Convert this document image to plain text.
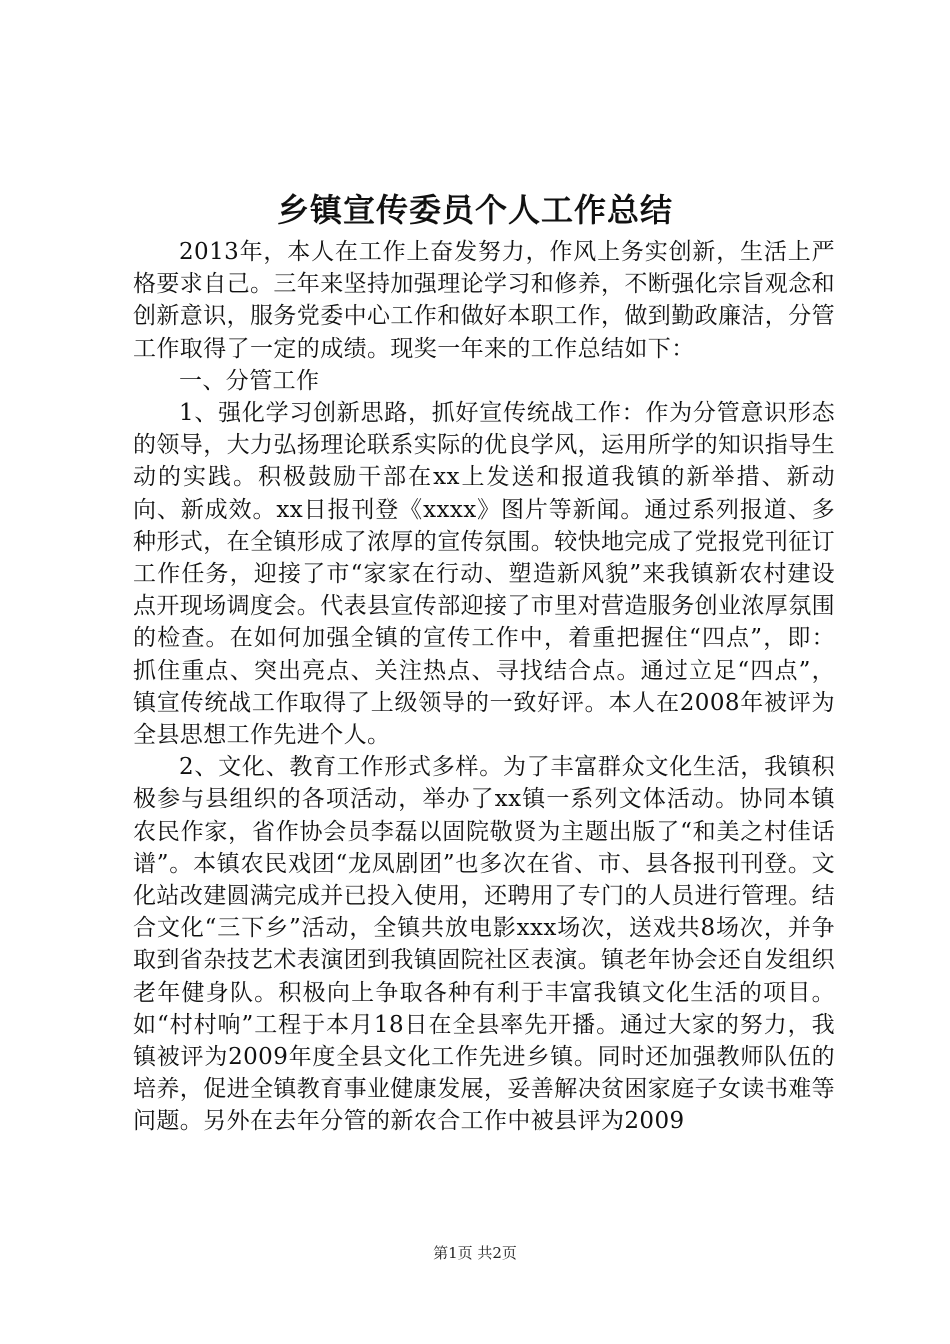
乡镇宣传委员个人工作总结

2013年，本人在工作上奋发努力，作风上务实创新，生活上严格要求自己。三年来坚持加强理论学习和修养，不断强化宗旨观念和创新意识，服务党委中心工作和做好本职工作，做到勤政廉洁，分管工作取得了一定的成绩。现奖一年来的工作总结如下：

一、分管工作

1、强化学习创新思路，抓好宣传统战工作：作为分管意识形态的领导，大力弘扬理论联系实际的优良学风，运用所学的知识指导生动的实践。积极鼓励干部在xx上发送和报道我镇的新举措、新动向、新成效。xx日报刊登《xxxx》图片等新闻。通过系列报道、多种形式，在全镇形成了浓厚的宣传氛围。较快地完成了党报党刊征订工作任务，迎接了市“家家在行动、塑造新风貌”来我镇新农村建设点开现场调度会。代表县宣传部迎接了市里对营造服务创业浓厚氛围的检查。在如何加强全镇的宣传工作中，着重把握住“四点”，即：抓住重点、突出亮点、关注热点、寻找结合点。通过立足“四点”，镇宣传统战工作取得了上级领导的一致好评。本人在2008年被评为全县思想工作先进个人。

2、文化、教育工作形式多样。为了丰富群众文化生活，我镇积极参与县组织的各项活动，举办了xx镇一系列文体活动。协同本镇农民作家，省作协会员李磊以固院敬贤为主题出版了“和美之村佳话谱”。本镇农民戏团“龙凤剧团”也多次在省、市、县各报刊刊登。文化站改建圆满完成并已投入使用，还聘用了专门的人员进行管理。结合文化“三下乡”活动，全镇共放电影xxx场次，送戏共8场次，并争取到省杂技艺术表演团到我镇固院社区表演。镇老年协会还自发组织老年健身队。积极向上争取各种有利于丰富我镇文化生活的项目。如“村村响”工程于本月18日在全县率先开播。通过大家的努力，我镇被评为2009年度全县文化工作先进乡镇。同时还加强教师队伍的培养，促进全镇教育事业健康发展，妥善解决贫困家庭子女读书难等问题。另外在去年分管的新农合工作中被县评为2009

第1页 共2页
